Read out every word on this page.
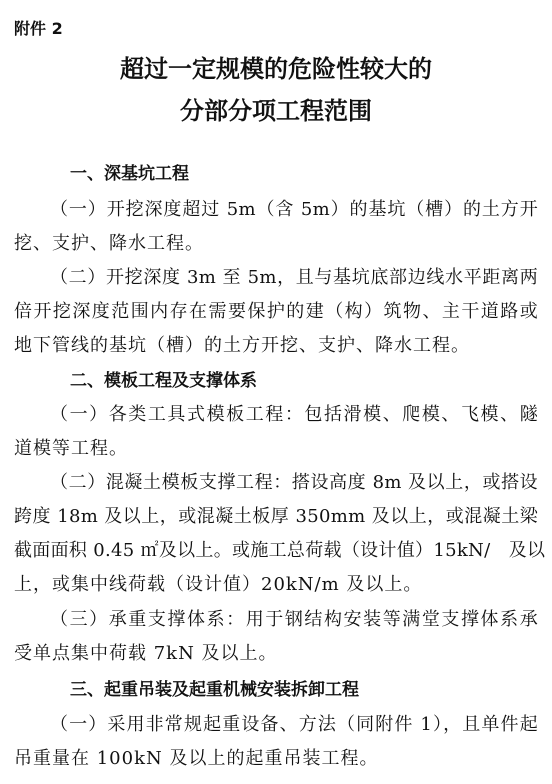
附件 2
超过一定规模的危险性较大的
分部分项工程范围
一、深基坑工程
（一）开挖深度超过 5m（含 5m）的基坑（槽）的土方开
挖、支护、降水工程。
（二）开挖深度 3m 至 5m，且与基坑底部边线水平距离两
倍开挖深度范围内存在需要保护的建（构）筑物、主干道路或
地下管线的基坑（槽）的土方开挖、支护、降水工程。
二、模板工程及支撑体系
（一）各类工具式模板工程：包括滑模、爬模、飞模、隧
道模等工程。
（二）混凝土模板支撑工程：搭设高度 8m 及以上，或搭设
跨度 18m 及以上，或混凝土板厚 350mm 及以上，或混凝土梁
截面面积 0.45 ㎡及以上。或施工总荷载（设计值）15kN/　及以
上，或集中线荷载（设计值）20kN/m 及以上。
（三）承重支撑体系：用于钢结构安装等满堂支撑体系承
受单点集中荷载 7kN 及以上。
三、起重吊装及起重机械安装拆卸工程
（一）采用非常规起重设备、方法（同附件 1），且单件起
吊重量在 100kN 及以上的起重吊装工程。
